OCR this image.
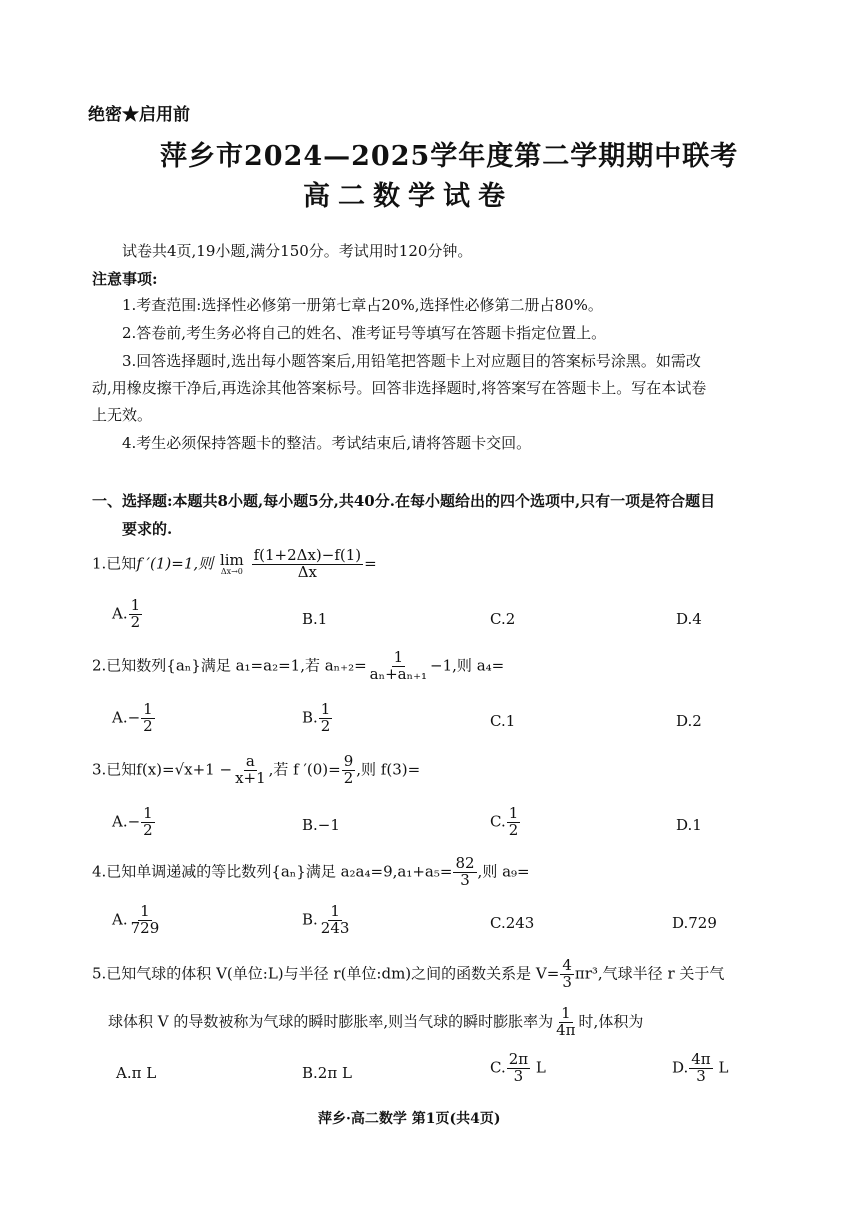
绝密★启用前
萍乡市2024—2025学年度第二学期期中联考
高二数学试卷
试卷共4页,19小题,满分150分。考试用时120分钟。
注意事项:
1.考查范围:选择性必修第一册第七章占20%,选择性必修第二册占80%。
2.答卷前,考生务必将自己的姓名、准考证号等填写在答题卡指定位置上。
3.回答选择题时,选出每小题答案后,用铅笔把答题卡上对应题目的答案标号涂黑。如需改
动,用橡皮擦干净后,再选涂其他答案标号。回答非选择题时,将答案写在答题卡上。写在本试卷
上无效。
4.考生必须保持答题卡的整洁。考试结束后,请将答题卡交回。
一、选择题:本题共8小题,每小题5分,共40分.在每小题给出的四个选项中,只有一项是符合题目
要求的.
1.已知f ′(1)=1,则 lim
Δx→0
$\frac{f(1+2\Delta x)-f(1)}{\Delta x}$ =
A. $\frac{1}{2}$	B.1	C.2	D.4
2.已知数列{aₙ}满足 a₁=a₂=1,若 $a_{n+2}= \frac{1}{\text{aₙ+aₙ₊₁}} -1$,则 a₄=
$A.- \frac{1}{2}$	B. $\frac{1}{2}$	C.1	D.2
3.已知$f(x)=√x+1 - \frac{a}{x+1}$ ,若 f $'(0)= \frac{9}{2}$ ,则 f(3)=
$A.- \frac{1}{2}$	B.−1	C. $\frac{1}{2}$	D.1
4.已知单调递减的等比数列{aₙ}满足 $a_2a_4=9,a_1+a_5= \frac{82}{3}$ ,则 a₉=
A. $\frac{1}{729}$	B. $\frac{1}{243}$	C.243	D.729
5.已知气球的体积 V(单位:L)与半径 r(单位:dm)之间的函数关系是 $V= \frac{4}{3} \pi r^3$,气球半径 r 关于气
球体积 V 的导数被称为气球的瞬时膨胀率,则当气球的瞬时膨胀率为 $\frac{1}{4\pi}$ 时,体积为
A.π L	B.2π L	C. $\frac{2\pi}{3}$ L	D. $\frac{4\pi}{3}$ L
萍乡·高二数学 第1页(共4页)
